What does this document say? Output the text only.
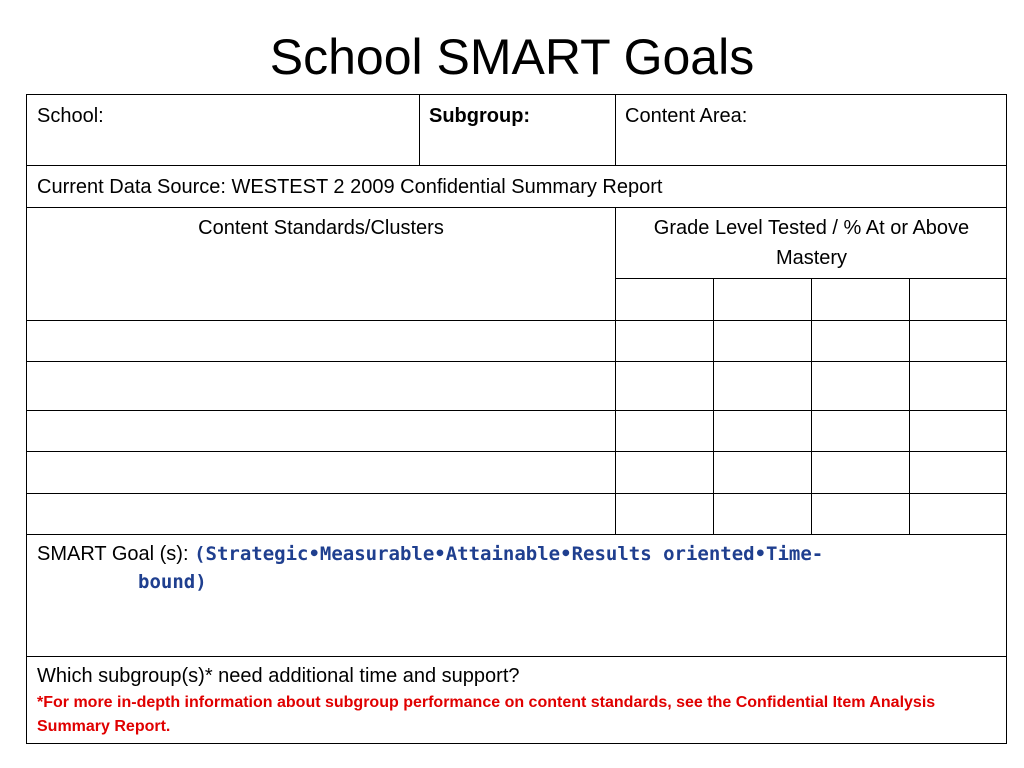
School SMART Goals
School:	Subgroup:	Content Area:
Current Data Source: WESTEST 2 2009 Confidential Summary Report
Content Standards/Clusters	Grade Level Tested / % At or Above Mastery
SMART Goal (s): (Strategic•Measurable•Attainable•Results oriented•Time-
bound)
Which subgroup(s)* need additional time and support?
*For more in-depth information about subgroup performance on content standards, see the Confidential Item Analysis Summary Report.
